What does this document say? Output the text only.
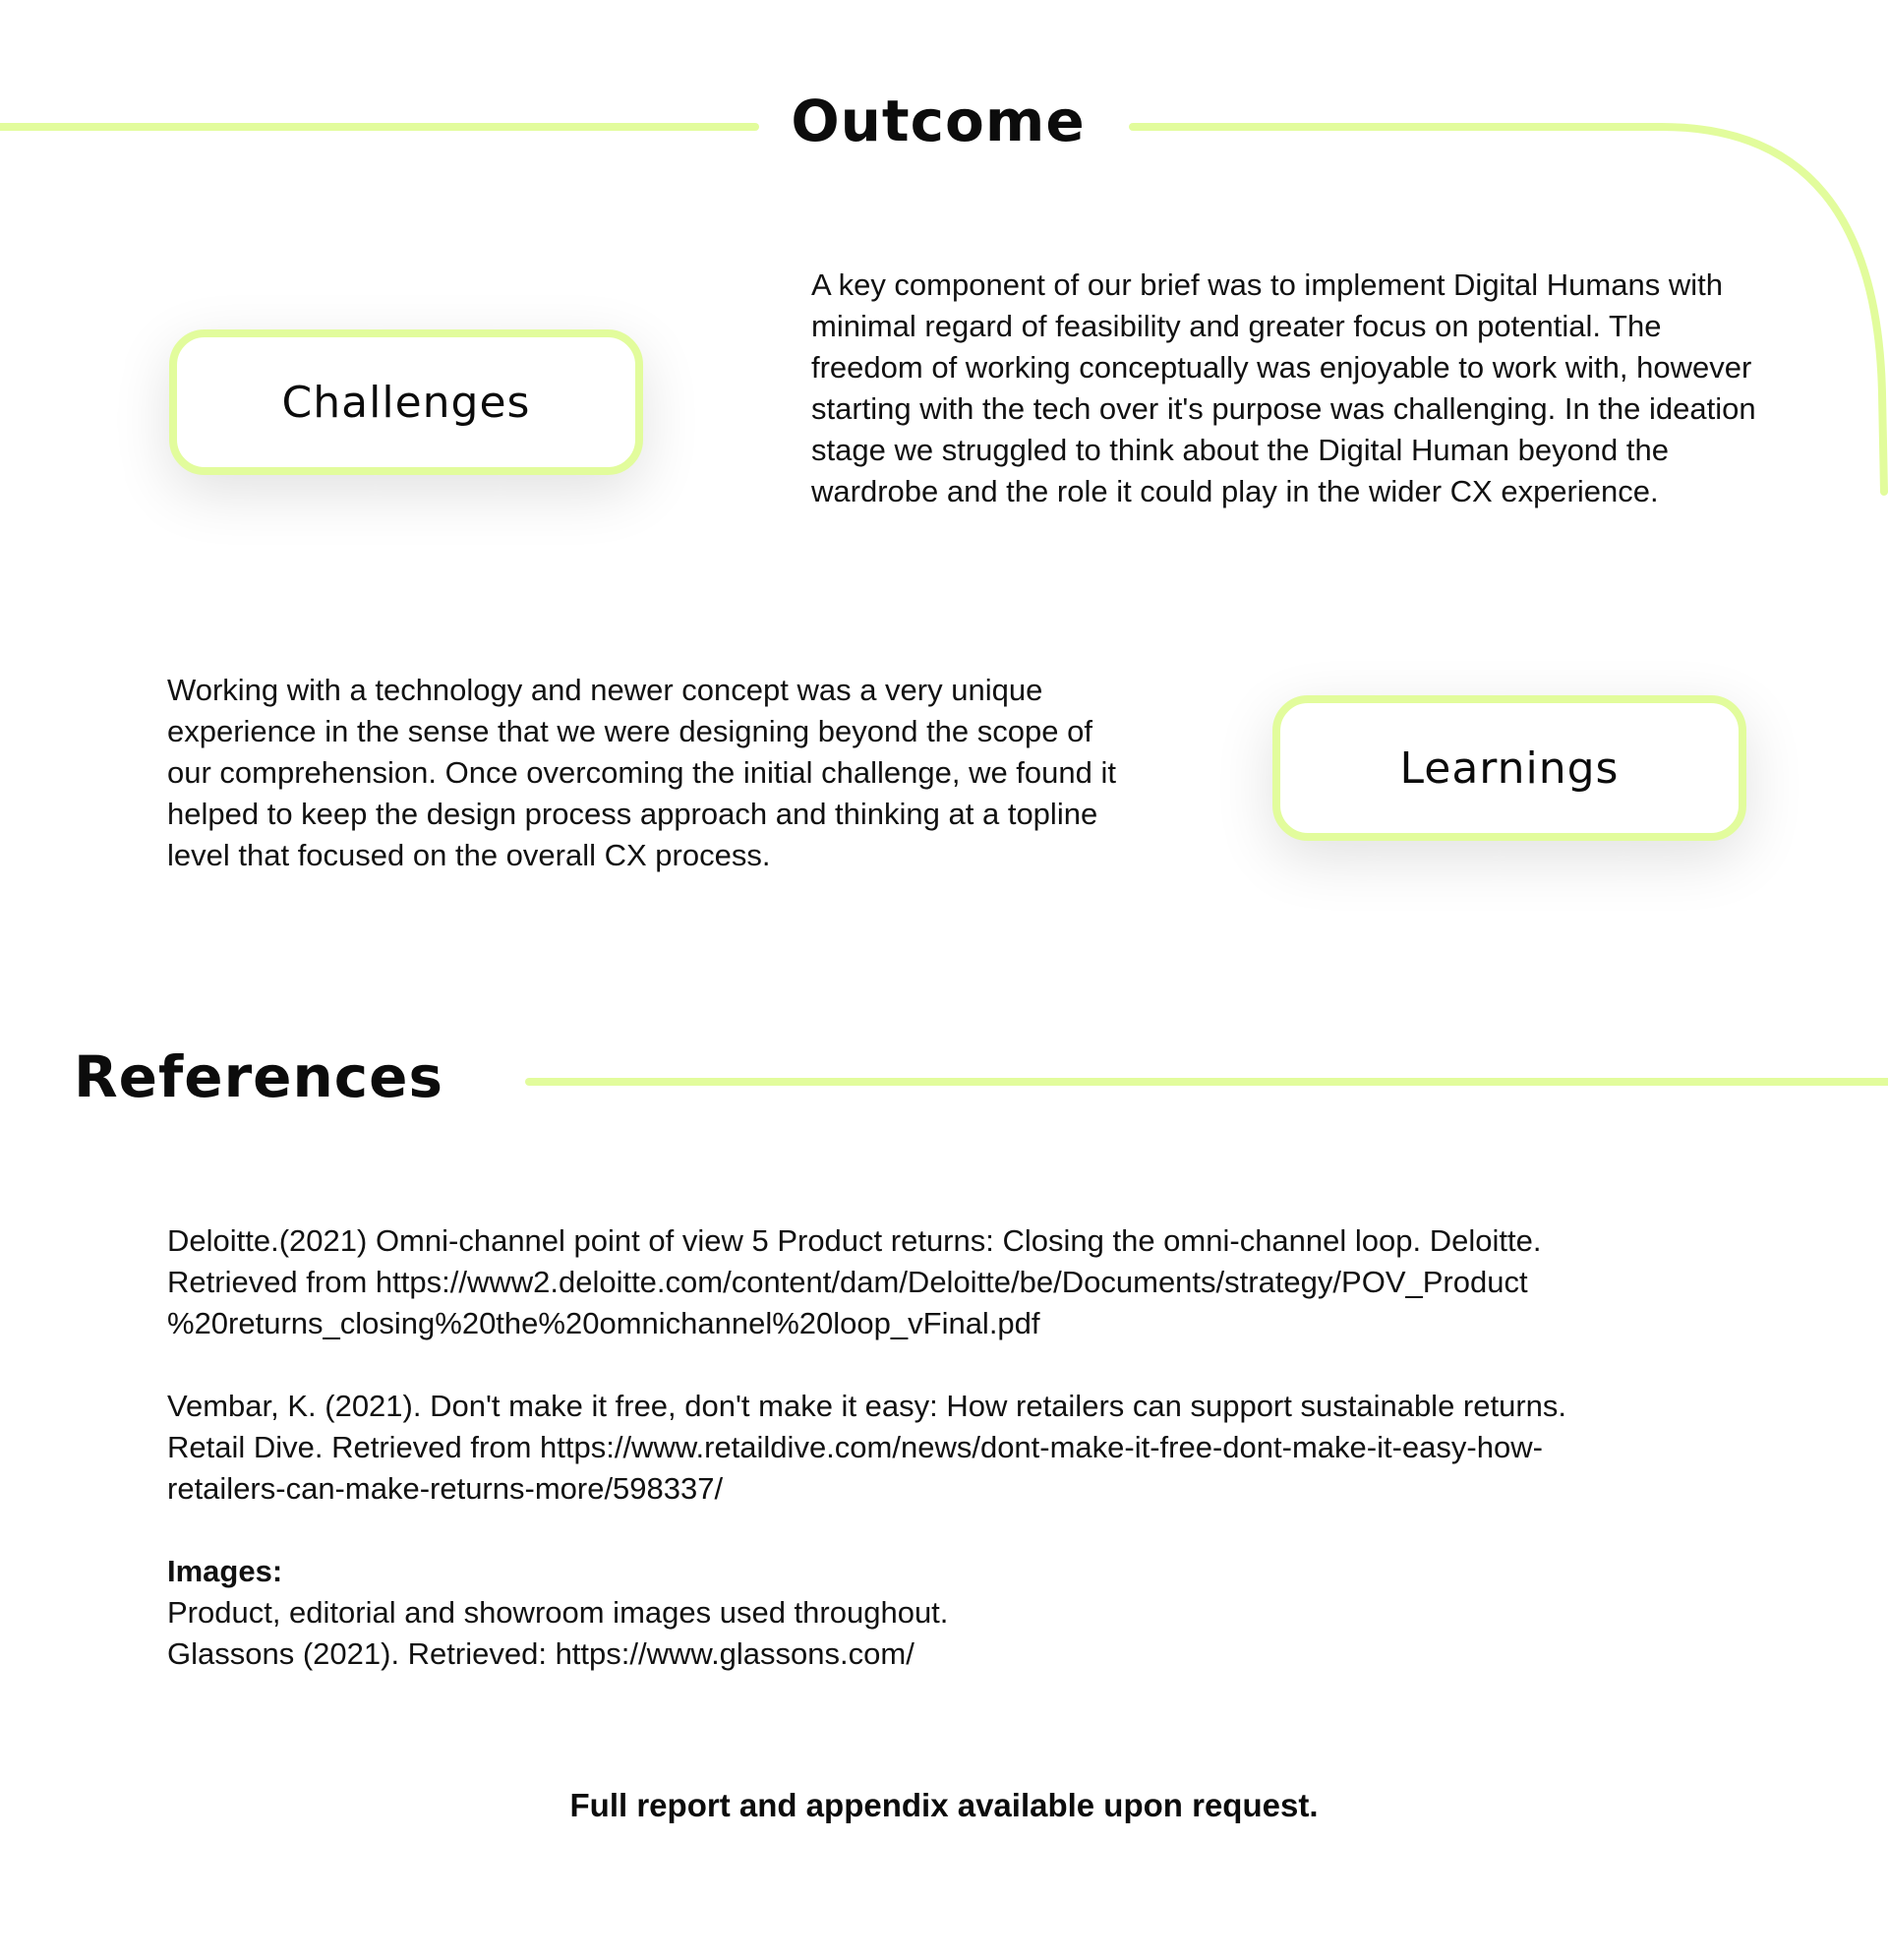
Outcome
Challenges

A key component of our brief was to implement Digital Humans with minimal regard of feasibility and greater focus on potential. The freedom of working conceptually was enjoyable to work with, however starting with the tech over it's purpose was challenging. In the ideation stage we struggled to think about the Digital Human beyond the wardrobe and the role it could play in the wider CX experience.

Working with a technology and newer concept was a very unique experience in the sense that we were designing beyond the scope of our comprehension. Once overcoming the initial challenge, we found it helped to keep the design process approach and thinking at a topline level that focused on the overall CX process.

Learnings
References
Deloitte.(2021) Omni-channel point of view 5 Product returns: Closing the omni-channel loop. Deloitte.
Retrieved from https://www2.deloitte.com/content/dam/Deloitte/be/Documents/strategy/POV_Product
%20returns_closing%20the%20omnichannel%20loop_vFinal.pdf
Vembar, K. (2021). Don't make it free, don't make it easy: How retailers can support sustainable returns.
Retail Dive. Retrieved from https://www.retaildive.com/news/dont-make-it-free-dont-make-it-easy-how-
retailers-can-make-returns-more/598337/
Images:
Product, editorial and showroom images used throughout.
Glassons (2021). Retrieved: https://www.glassons.com/

Full report and appendix available upon request.
